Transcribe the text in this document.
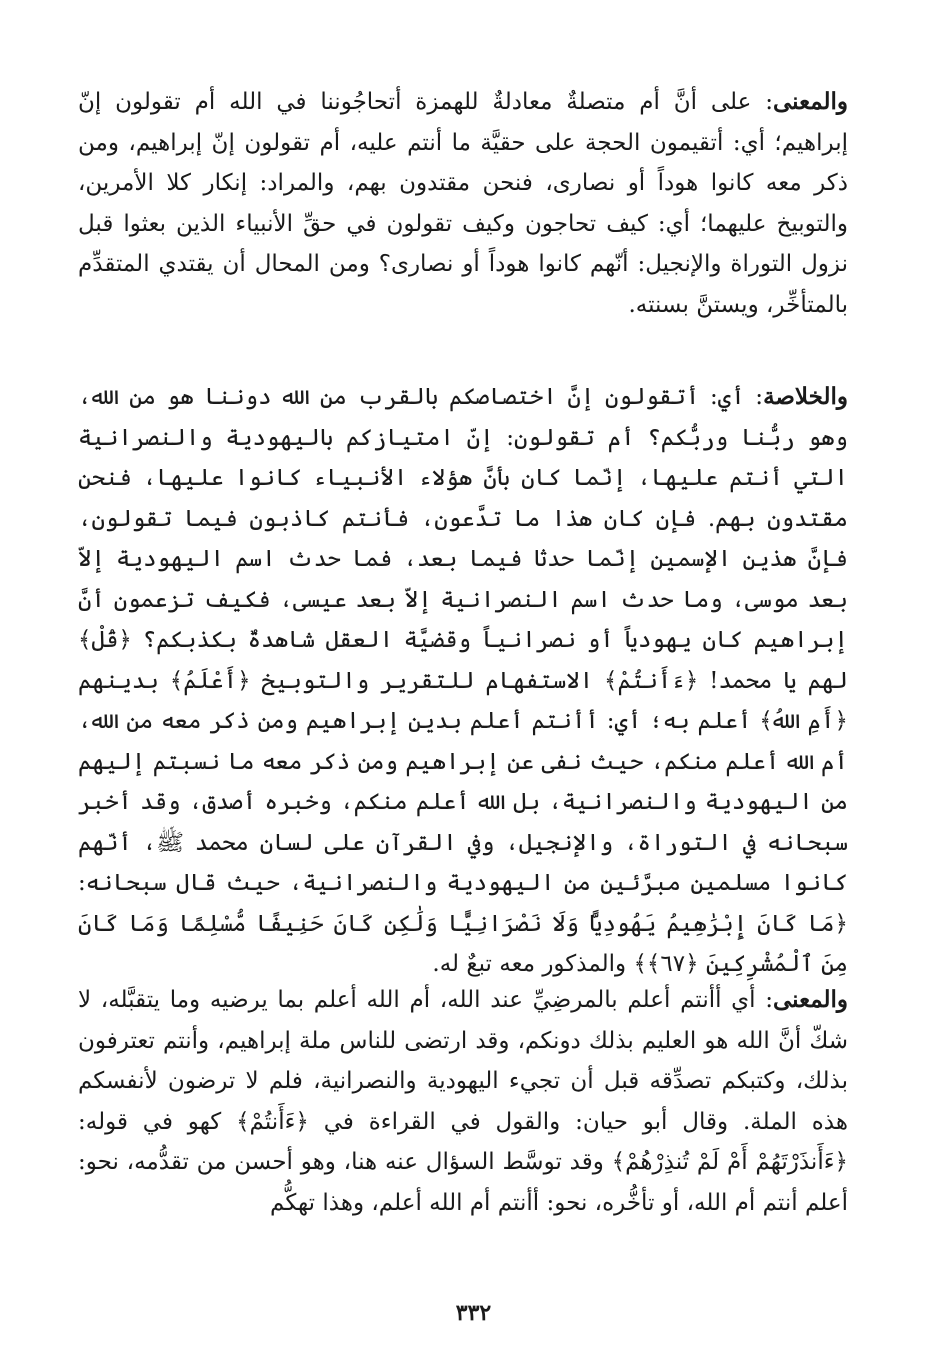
والمعنى: على أنَّ أم متصلةٌ معادلةٌ للهمزة أتحاجُوننا في الله أم تقولون إنّ إبراهيم؛ أي: أتقيمون الحجة على حقيَّة ما أنتم عليه، أم تقولون إنّ إبراهيم، ومن ذكر معه كانوا هوداً أو نصارى، فنحن مقتدون بهم، والمراد: إنكار كلا الأمرين، والتوبيخ عليهما؛ أي: كيف تحاجون وكيف تقولون في حقِّ الأنبياء الذين بعثوا قبل نزول التوراة والإنجيل: أنّهم كانوا هوداً أو نصارى؟ ومن المحال أن يقتدي المتقدِّم بالمتأخِّر، ويستنَّ بسنته.

والخلاصة: أي: أتقولون إنَّ اختصاصكم بالقرب من الله دوننا هو من الله، وهو ربُّنا وربُّكم؟ أم تقولون: إنّ امتيازكم باليهودية والنصرانية التي أنتم عليها، إنّما كان بأنَّ هؤلاء الأنبياء كانوا عليها، فنحن مقتدون بهم. فإن كان هذا ما تدَّعون، فأنتم كاذبون فيما تقولون، فإنَّ هذين الإسمين إنّما حدثا فيما بعد، فما حدث اسم اليهودية إلاّ بعد موسى، وما حدث اسم النصرانية إلاّ بعد عيسى، فكيف تزعمون أنَّ إبراهيم كان يهودياً أو نصرانياً وقضيَّة العقل شاهدةٌ بكذبكم؟ ﴿قُلْ﴾ لهم يا محمد! ﴿ءَأَنتُمْ﴾ الاستفهام للتقرير والتوبيخ ﴿أَعْلَمُ﴾ بدينهم ﴿أَمِ اللهُ﴾ أعلم به؛ أي: أأنتم أعلم بدين إبراهيم ومن ذكر معه من الله، أم الله أعلم منكم، حيث نفى عن إبراهيم ومن ذكر معه ما نسبتم إليهم من اليهودية والنصرانية، بل الله أعلم منكم، وخبره أصدق، وقد أخبر سبحانه في التوراة، والإنجيل، وفي القرآن على لسان محمد ﷺ، أنّهم كانوا مسلمين مبرَّئين من اليهودية والنصرانية، حيث قال سبحانه: ﴿مَا كَانَ إِبْرَٰهِيمُ يَهُودِيًّا وَلَا نَصْرَانِيًّا وَلَٰكِن كَانَ حَنِيفًا مُّسْلِمًا وَمَا كَانَ مِنَ ٱلْمُشْرِكِينَ ﴿٦٧﴾﴾ والمذكور معه تبعٌ له.

والمعنى: أي أأنتم أعلم بالمرضِيِّ عند الله، أم الله أعلم بما يرضيه وما يتقبَّله، لا شكّ أنَّ الله هو العليم بذلك دونكم، وقد ارتضى للناس ملة إبراهيم، وأنتم تعترفون بذلك، وكتبكم تصدِّقه قبل أن تجيء اليهودية والنصرانية، فلم لا ترضون لأنفسكم هذه الملة. وقال أبو حيان: والقول في القراءة في ﴿ءَأَنتُمْ﴾ كهو في قوله: ﴿ءَأَنذَرْتَهُمْ أَمْ لَمْ تُنذِرْهُمْ﴾ وقد توسَّط السؤال عنه هنا، وهو أحسن من تقدُّمه، نحو: أعلم أنتم أم الله، أو تأخُّره، نحو: أأنتم أم الله أعلم، وهذا تهكُّم

٣٣٢
